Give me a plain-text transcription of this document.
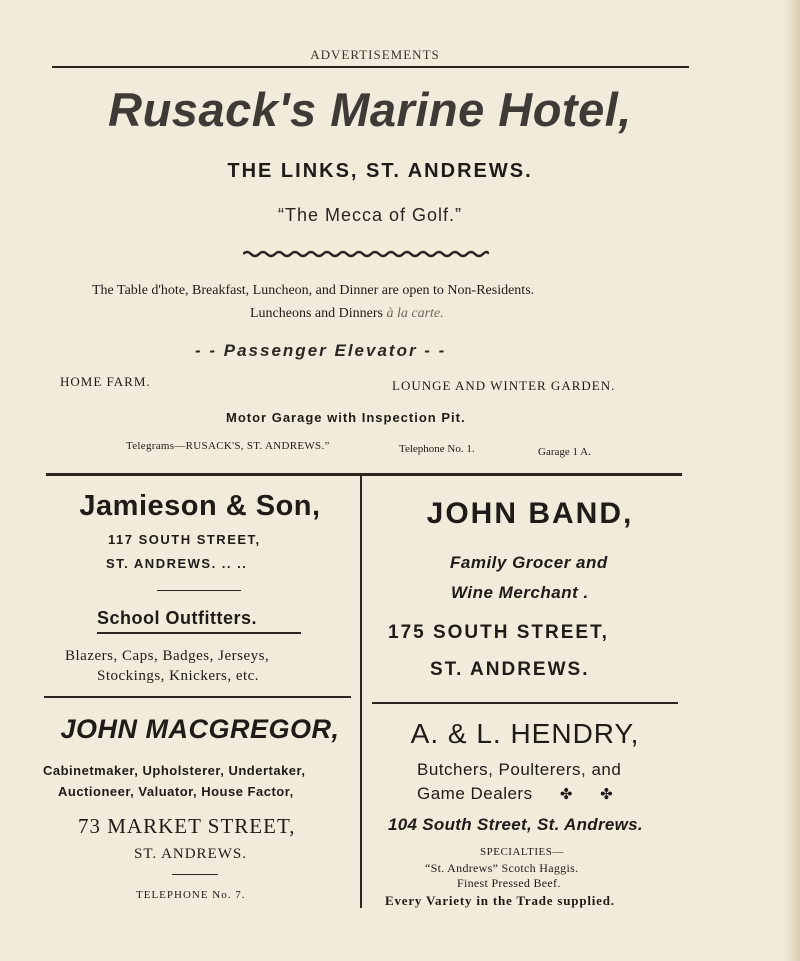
ADVERTISEMENTS
Rusack's Marine Hotel,
THE LINKS, ST. ANDREWS.
“The Mecca of Golf.”
The Table d'hote, Breakfast, Luncheon, and Dinner are open to Non-Residents.
Luncheons and Dinners à la carte.
- - Passenger Elevator - -
HOME FARM.	LOUNGE AND WINTER GARDEN.
Motor Garage with Inspection Pit.
Telegrams—RUSACK'S, ST. ANDREWS.”	Telephone No. 1.	Garage 1 A.
Jamieson & Son,
117 SOUTH STREET,
ST. ANDREWS. .. ..
School Outfitters.
Blazers, Caps, Badges, Jerseys,
Stockings, Knickers, etc.
JOHN BAND,
Family Grocer and
Wine Merchant .
175 SOUTH STREET,
ST. ANDREWS.
JOHN MACGREGOR,
Cabinetmaker, Upholsterer, Undertaker,
Auctioneer, Valuator, House Factor,
73 MARKET STREET,
ST. ANDREWS.
TELEPHONE No. 7.
A. & L. HENDRY,
Butchers, Poulterers, and
Game Dealers ✤ ✤
104 South Street, St. Andrews.
SPECIALTIES—
“St. Andrews” Scotch Haggis.
Finest Pressed Beef.
Every Variety in the Trade supplied.
